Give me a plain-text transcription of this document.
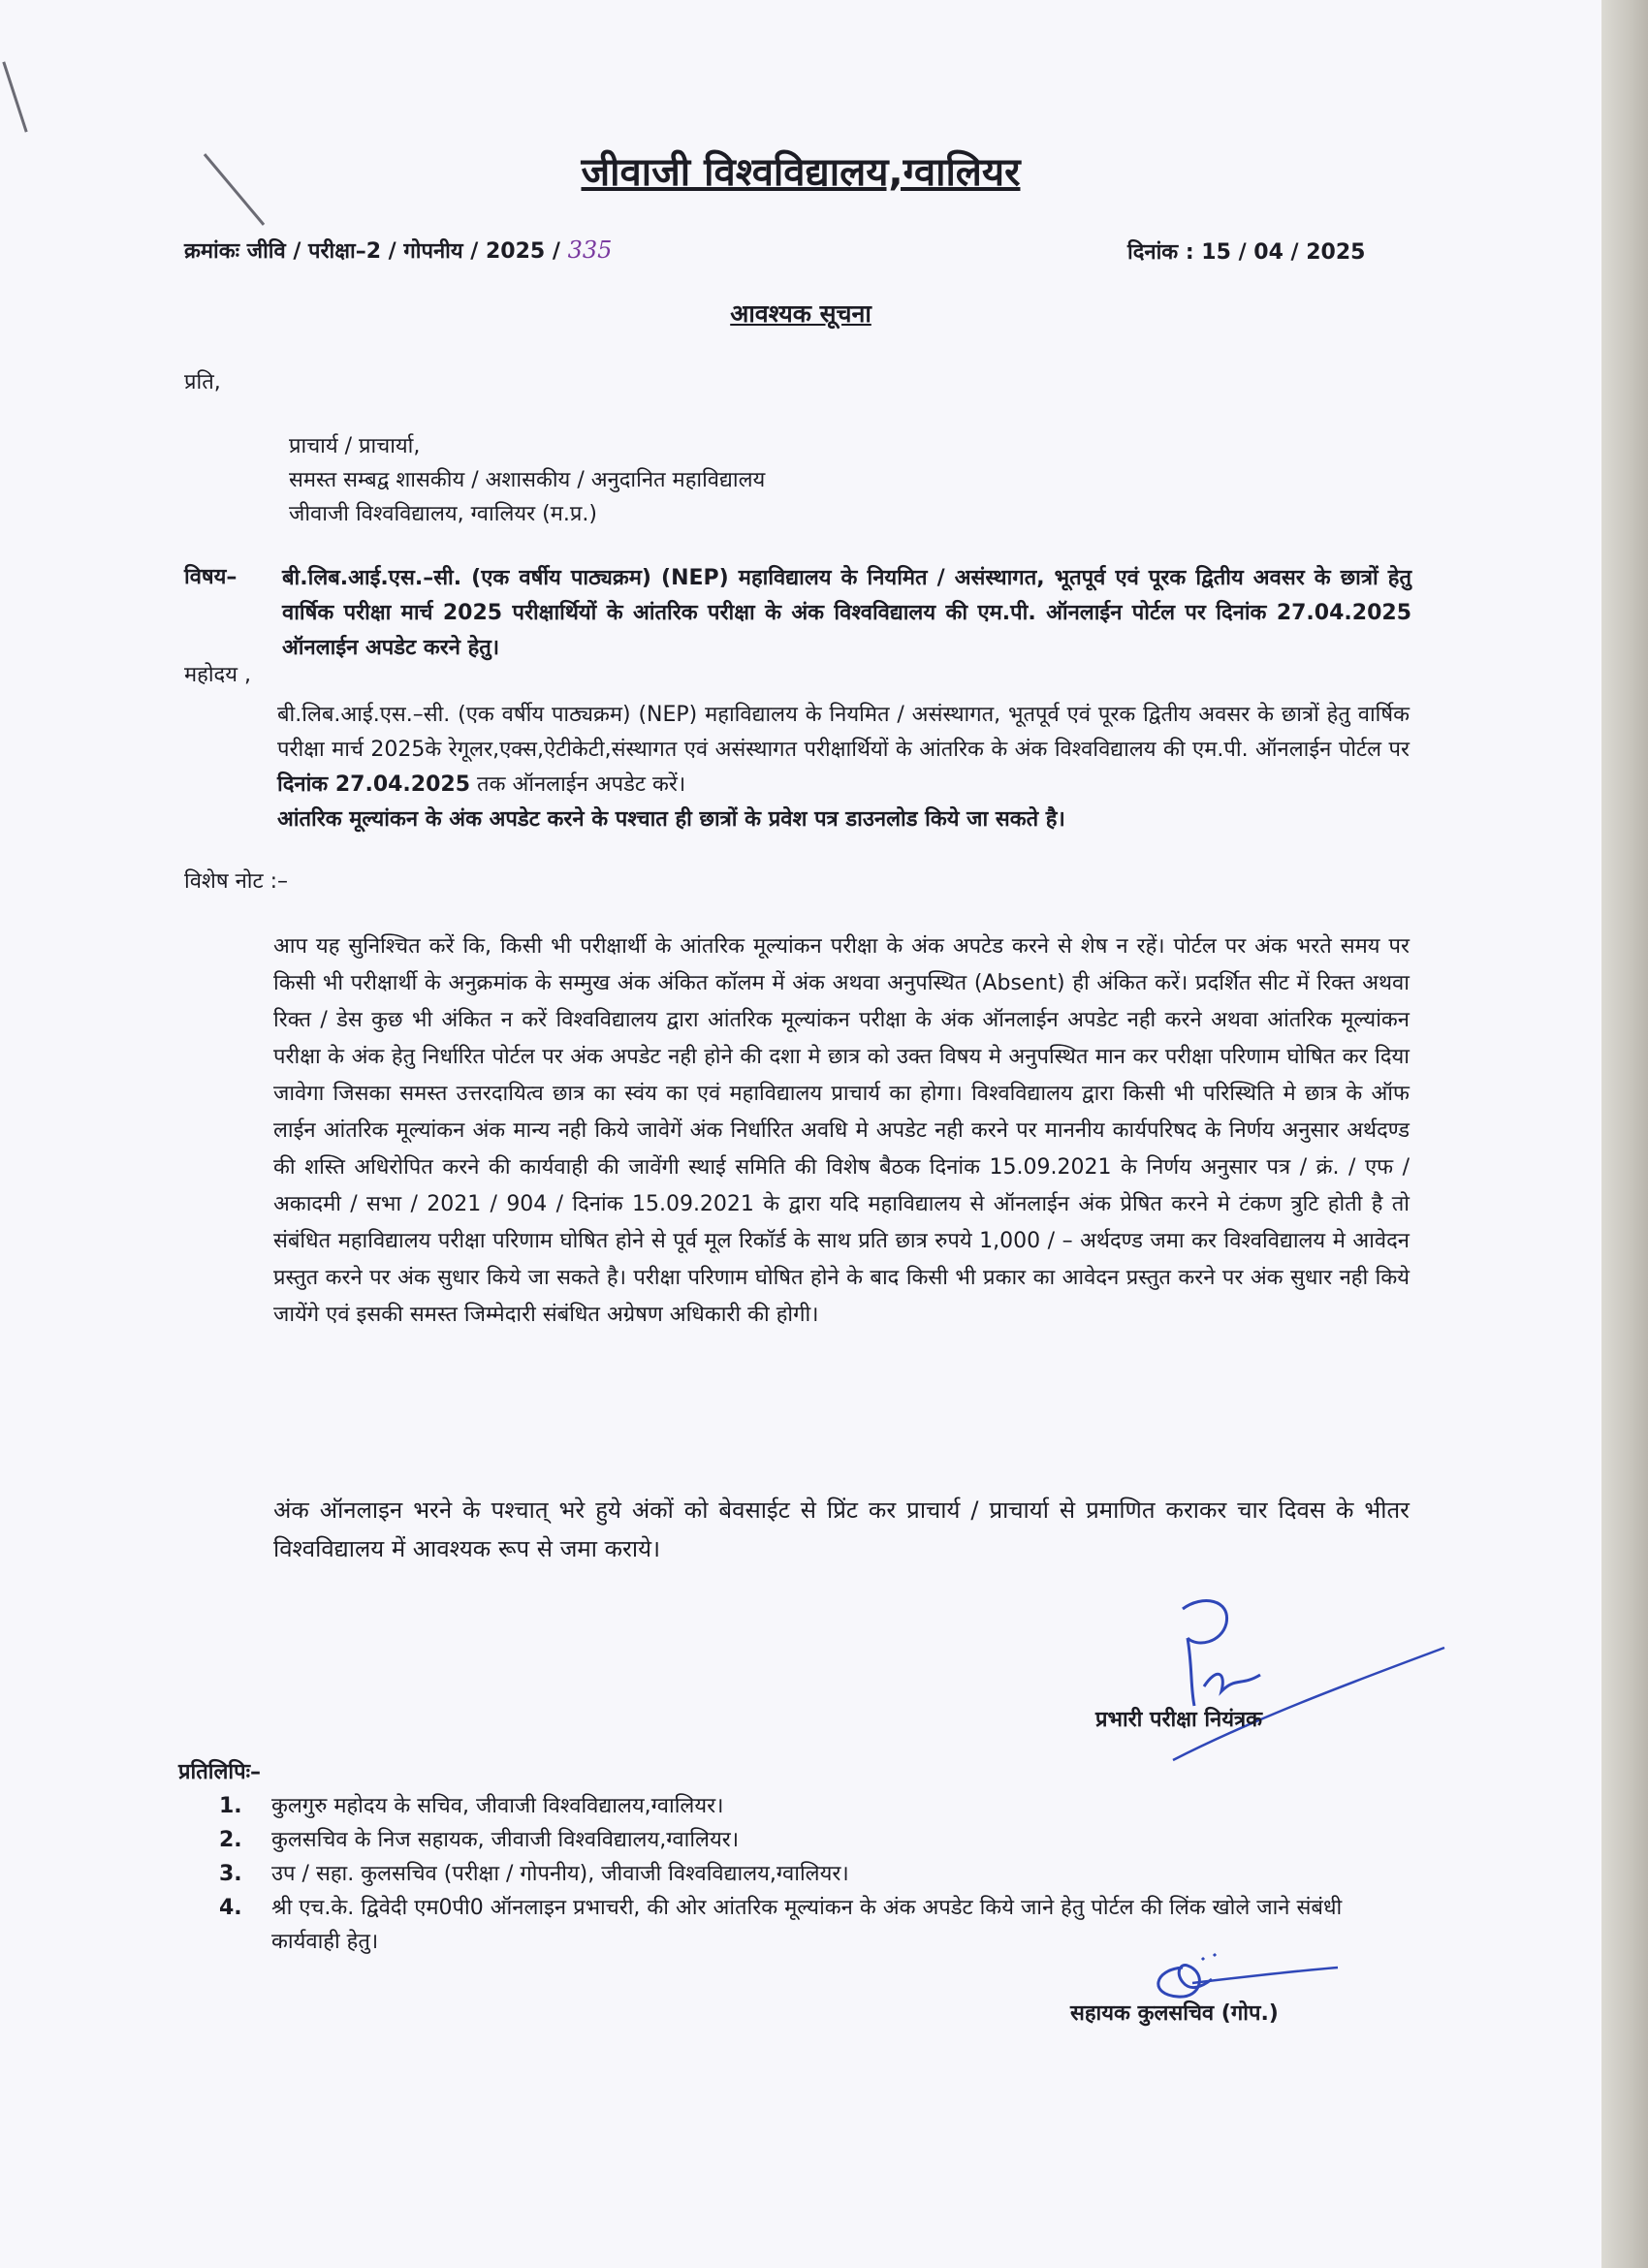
जीवाजी विश्वविद्यालय,ग्वालियर
क्रमांकः जीवि / परीक्षा–2 / गोपनीय / 2025 / 335	दिनांक : 15 / 04 / 2025
आवश्यक सूचना
प्रति,
प्राचार्य / प्राचार्या,
समस्त सम्बद्व शासकीय / अशासकीय / अनुदानित महाविद्यालय
जीवाजी विश्वविद्यालय, ग्वालियर (म.प्र.)
विषय– बी.लिब.आई.एस.–सी. (एक वर्षीय पाठ्यक्रम) (NEP) महाविद्यालय के नियमित / असंस्थागत, भूतपूर्व एवं पूरक द्वितीय अवसर के छात्रों हेतु वार्षिक परीक्षा मार्च 2025 परीक्षार्थियों के आंतरिक परीक्षा के अंक विश्वविद्यालय की एम.पी. ऑनलाईन पोर्टल पर दिनांक 27.04.2025 ऑनलाईन अपडेट करने हेतु।
महोदय ,
बी.लिब.आई.एस.–सी. (एक वर्षीय पाठ्यक्रम) (NEP) महाविद्यालय के नियमित / असंस्थागत, भूतपूर्व एवं पूरक द्वितीय अवसर के छात्रों हेतु वार्षिक परीक्षा मार्च 2025के रेगूलर,एक्स,ऐटीकेटी,संस्थागत एवं असंस्थागत परीक्षार्थियों के आंतरिक के अंक विश्वविद्यालय की एम.पी. ऑनलाईन पोर्टल पर दिनांक 27.04.2025 तक ऑनलाईन अपडेट करें।
आंतरिक मूल्यांकन के अंक अपडेट करने के पश्चात ही छात्रों के प्रवेश पत्र डाउनलोड किये जा सकते है।
विशेष नोट :–
आप यह सुनिश्चित करें कि, किसी भी परीक्षार्थी के आंतरिक मूल्यांकन परीक्षा के अंक अपटेड करने से शेष न रहें। पोर्टल पर अंक भरते समय पर किसी भी परीक्षार्थी के अनुक्रमांक के सम्मुख अंक अंकित कॉलम में अंक अथवा अनुपस्थित (Absent) ही अंकित करें। प्रदर्शित सीट में रिक्त अथवा रिक्त / डेस कुछ भी अंकित न करें विश्वविद्यालय द्वारा आंतरिक मूल्यांकन परीक्षा के अंक ऑनलाईन अपडेट नही करने अथवा आंतरिक मूल्यांकन परीक्षा के अंक हेतु निर्धारित पोर्टल पर अंक अपडेट नही होने की दशा मे छात्र को उक्त विषय मे अनुपस्थित मान कर परीक्षा परिणाम घोषित कर दिया जावेगा जिसका समस्त उत्तरदायित्व छात्र का स्वंय का एवं महाविद्यालय प्राचार्य का होगा। विश्वविद्यालय द्वारा किसी भी परिस्थिति मे छात्र के ऑफ लाईन आंतरिक मूल्यांकन अंक मान्य नही किये जावेगें अंक निर्धारित अवधि मे अपडेट नही करने पर माननीय कार्यपरिषद के निर्णय अनुसार अर्थदण्ड की शस्ति अधिरोपित करने की कार्यवाही की जावेंगी स्थाई समिति की विशेष बैठक दिनांक 15.09.2021 के निर्णय अनुसार पत्र / क्रं. / एफ / अकादमी / सभा / 2021 / 904 / दिनांक 15.09.2021 के द्वारा यदि महाविद्यालय से ऑनलाईन अंक प्रेषित करने मे टंकण त्रुटि होती है तो संबंधित महाविद्यालय परीक्षा परिणाम घोषित होने से पूर्व मूल रिकॉर्ड के साथ प्रति छात्र रुपये 1,000 / – अर्थदण्ड जमा कर विश्वविद्यालय मे आवेदन प्रस्तुत करने पर अंक सुधार किये जा सकते है। परीक्षा परिणाम घोषित होने के बाद किसी भी प्रकार का आवेदन प्रस्तुत करने पर अंक सुधार नही किये जायेंगे एवं इसकी समस्त जिम्मेदारी संबंधित अग्रेषण अधिकारी की होगी।
अंक ऑनलाइन भरने के पश्चात् भरे हुये अंकों को बेवसाईट से प्रिंट कर प्राचार्य / प्राचार्या से प्रमाणित कराकर चार दिवस के भीतर विश्वविद्यालय में आवश्यक रूप से जमा कराये।
प्रभारी परीक्षा नियंत्रक
प्रतिलिपिः–
1.	कुलगुरु महोदय के सचिव, जीवाजी विश्वविद्यालय,ग्वालियर।
2.	कुलसचिव के निज सहायक, जीवाजी विश्वविद्यालय,ग्वालियर।
3.	उप / सहा. कुलसचिव (परीक्षा / गोपनीय), जीवाजी विश्वविद्यालय,ग्वालियर।
4.	श्री एच.के. द्विवेदी एम0पी0 ऑनलाइन प्रभाचरी, की ओर आंतरिक मूल्यांकन के अंक अपडेट किये जाने हेतु पोर्टल की लिंक खोले जाने संबंधी कार्यवाही हेतु।
सहायक कुलसचिव (गोप.)
